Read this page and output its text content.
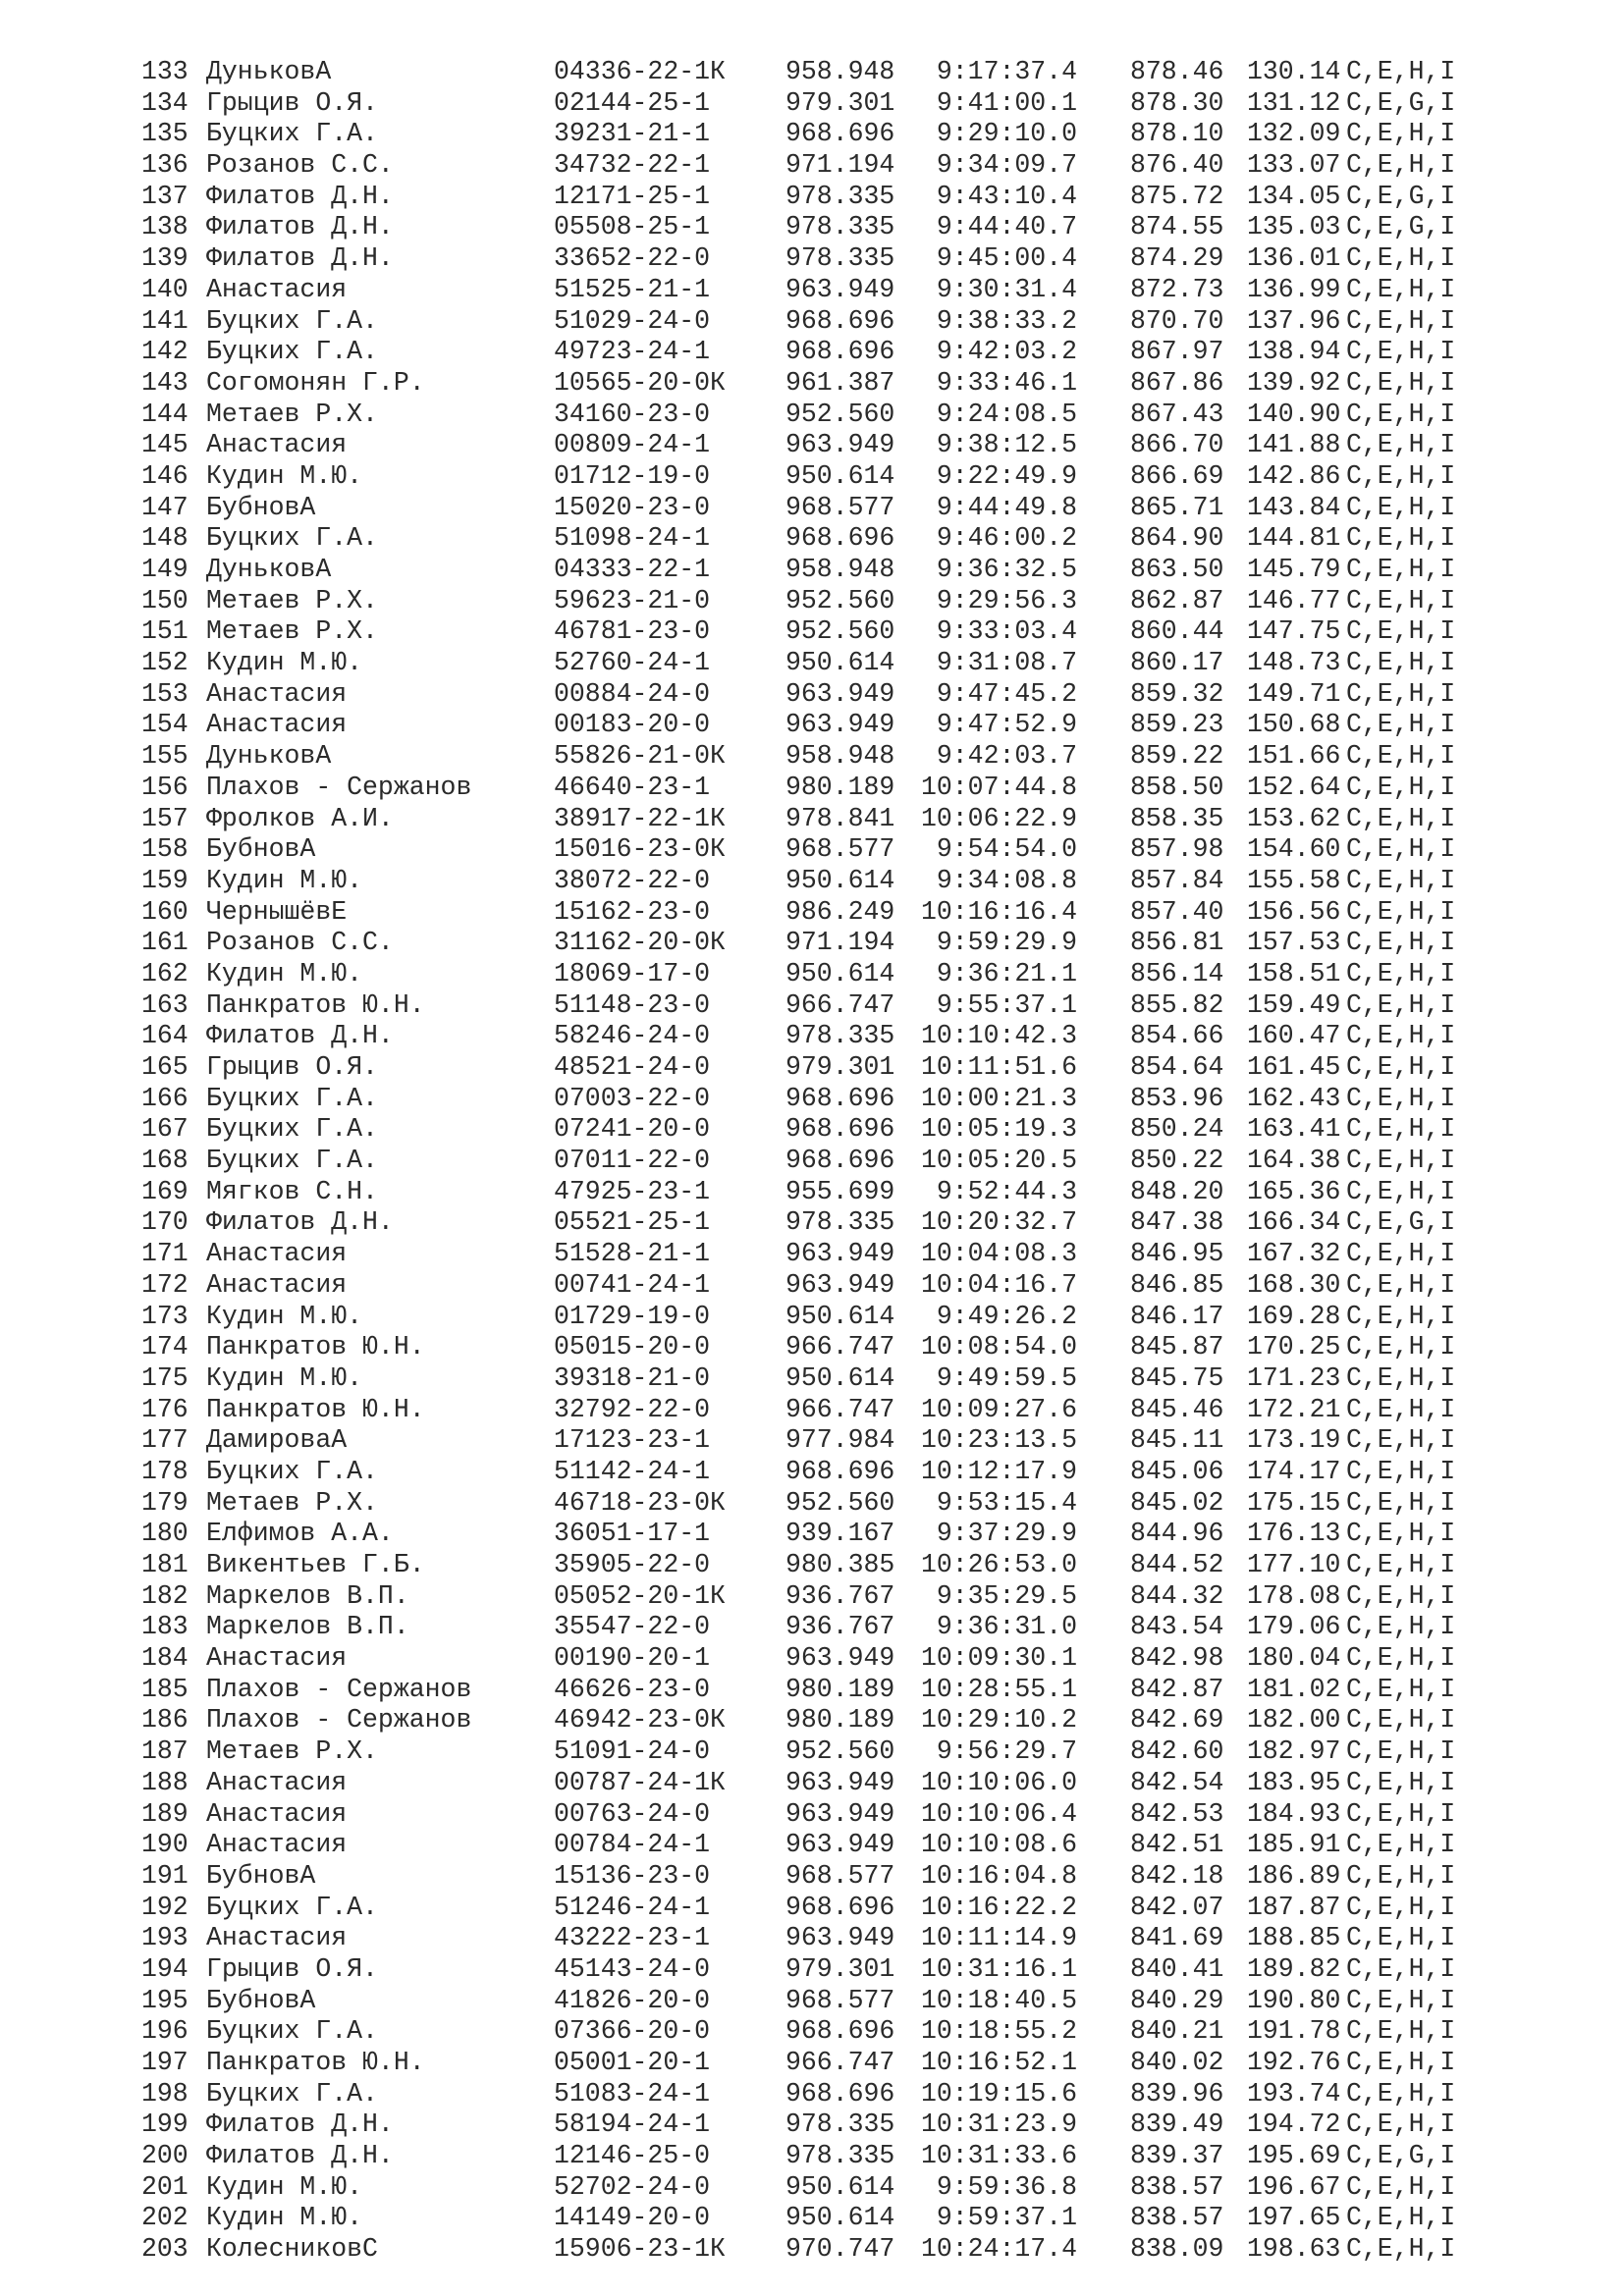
133 ДуньковА	04336-22-1К 958.948	9:17:37.4 878.46 130.14 C,E,H,I
134 Грыцив О.Я.	02144-25-1	979.301	9:41:00.1 878.30 131.12 C,E,G,I
135 Буцких Г.А.	39231-21-1	968.696	9:29:10.0 878.10 132.09 C,E,H,I
136 Розанов С.С.	34732-22-1	971.194	9:34:09.7 876.40 133.07 C,E,H,I
137 Филатов Д.Н.	12171-25-1	978.335	9:43:10.4 875.72 134.05 C,E,G,I
138 Филатов Д.Н.	05508-25-1	978.335	9:44:40.7 874.55 135.03 C,E,G,I
139 Филатов Д.Н.	33652-22-0	978.335	9:45:00.4 874.29 136.01 C,E,H,I
140 Анастасия	51525-21-1	963.949	9:30:31.4 872.73 136.99 C,E,H,I
141 Буцких Г.А.	51029-24-0	968.696	9:38:33.2 870.70 137.96 C,E,H,I
142 Буцких Г.А.	49723-24-1	968.696	9:42:03.2 867.97 138.94 C,E,H,I
143 Согомонян Г.Р.	10565-20-0К 961.387	9:33:46.1 867.86 139.92 C,E,H,I
144 Метаев Р.Х.	34160-23-0	952.560	9:24:08.5 867.43 140.90 C,E,H,I
145 Анастасия	00809-24-1	963.949	9:38:12.5 866.70 141.88 C,E,H,I
146 Кудин М.Ю.	01712-19-0	950.614	9:22:49.9 866.69 142.86 C,E,H,I
147 БубновА	15020-23-0	968.577	9:44:49.8 865.71 143.84 C,E,H,I
148 Буцких Г.А.	51098-24-1	968.696	9:46:00.2 864.90 144.81 C,E,H,I
149 ДуньковА	04333-22-1	958.948	9:36:32.5 863.50 145.79 C,E,H,I
150 Метаев Р.Х.	59623-21-0	952.560	9:29:56.3 862.87 146.77 C,E,H,I
151 Метаев Р.Х.	46781-23-0	952.560	9:33:03.4 860.44 147.75 C,E,H,I
152 Кудин М.Ю.	52760-24-1	950.614	9:31:08.7 860.17 148.73 C,E,H,I
153 Анастасия	00884-24-0	963.949	9:47:45.2 859.32 149.71 C,E,H,I
154 Анастасия	00183-20-0	963.949	9:47:52.9 859.23 150.68 C,E,H,I
155 ДуньковА	55826-21-0К 958.948	9:42:03.7 859.22 151.66 C,E,H,I
156 Плахов - Сержанов	46640-23-1	980.189	10:07:44.8 858.50 152.64 C,E,H,I
157 Фролков А.И.	38917-22-1К 978.841	10:06:22.9 858.35 153.62 C,E,H,I
158 БубновА	15016-23-0К 968.577	9:54:54.0 857.98 154.60 C,E,H,I
159 Кудин М.Ю.	38072-22-0	950.614	9:34:08.8 857.84 155.58 C,E,H,I
160 ЧернышёвЕ	15162-23-0	986.249	10:16:16.4 857.40 156.56 C,E,H,I
161 Розанов С.С.	31162-20-0К 971.194	9:59:29.9 856.81 157.53 C,E,H,I
162 Кудин М.Ю.	18069-17-0	950.614	9:36:21.1 856.14 158.51 C,E,H,I
163 Панкратов Ю.Н.	51148-23-0	966.747	9:55:37.1 855.82 159.49 C,E,H,I
164 Филатов Д.Н.	58246-24-0	978.335	10:10:42.3 854.66 160.47 C,E,H,I
165 Грыцив О.Я.	48521-24-0	979.301	10:11:51.6 854.64 161.45 C,E,H,I
166 Буцких Г.А.	07003-22-0	968.696	10:00:21.3 853.96 162.43 C,E,H,I
167 Буцких Г.А.	07241-20-0	968.696	10:05:19.3 850.24 163.41 C,E,H,I
168 Буцких Г.А.	07011-22-0	968.696	10:05:20.5 850.22 164.38 C,E,H,I
169 Мягков С.Н.	47925-23-1	955.699	9:52:44.3 848.20 165.36 C,E,H,I
170 Филатов Д.Н.	05521-25-1	978.335	10:20:32.7 847.38 166.34 C,E,G,I
171 Анастасия	51528-21-1	963.949	10:04:08.3 846.95 167.32 C,E,H,I
172 Анастасия	00741-24-1	963.949	10:04:16.7 846.85 168.30 C,E,H,I
173 Кудин М.Ю.	01729-19-0	950.614	9:49:26.2 846.17 169.28 C,E,H,I
174 Панкратов Ю.Н.	05015-20-0	966.747	10:08:54.0 845.87 170.25 C,E,H,I
175 Кудин М.Ю.	39318-21-0	950.614	9:49:59.5 845.75 171.23 C,E,H,I
176 Панкратов Ю.Н.	32792-22-0	966.747	10:09:27.6 845.46 172.21 C,E,H,I
177 ДамироваА	17123-23-1	977.984	10:23:13.5 845.11 173.19 C,E,H,I
178 Буцких Г.А.	51142-24-1	968.696	10:12:17.9 845.06 174.17 C,E,H,I
179 Метаев Р.Х.	46718-23-0К 952.560	9:53:15.4 845.02 175.15 C,E,H,I
180 Елфимов А.А.	36051-17-1	939.167	9:37:29.9 844.96 176.13 C,E,H,I
181 Викентьев Г.Б.	35905-22-0	980.385	10:26:53.0 844.52 177.10 C,E,H,I
182 Маркелов В.П.	05052-20-1К 936.767	9:35:29.5 844.32 178.08 C,E,H,I
183 Маркелов В.П.	35547-22-0	936.767	9:36:31.0 843.54 179.06 C,E,H,I
184 Анастасия	00190-20-1	963.949	10:09:30.1 842.98 180.04 C,E,H,I
185 Плахов - Сержанов	46626-23-0	980.189	10:28:55.1 842.87 181.02 C,E,H,I
186 Плахов - Сержанов	46942-23-0К 980.189	10:29:10.2 842.69 182.00 C,E,H,I
187 Метаев Р.Х.	51091-24-0	952.560	9:56:29.7 842.60 182.97 C,E,H,I
188 Анастасия	00787-24-1К 963.949	10:10:06.0 842.54 183.95 C,E,H,I
189 Анастасия	00763-24-0	963.949	10:10:06.4 842.53 184.93 C,E,H,I
190 Анастасия	00784-24-1	963.949	10:10:08.6 842.51 185.91 C,E,H,I
191 БубновА	15136-23-0	968.577	10:16:04.8 842.18 186.89 C,E,H,I
192 Буцких Г.А.	51246-24-1	968.696	10:16:22.2 842.07 187.87 C,E,H,I
193 Анастасия	43222-23-1	963.949	10:11:14.9 841.69 188.85 C,E,H,I
194 Грыцив О.Я.	45143-24-0	979.301	10:31:16.1 840.41 189.82 C,E,H,I
195 БубновА	41826-20-0	968.577	10:18:40.5 840.29 190.80 C,E,H,I
196 Буцких Г.А.	07366-20-0	968.696	10:18:55.2 840.21 191.78 C,E,H,I
197 Панкратов Ю.Н.	05001-20-1	966.747	10:16:52.1 840.02 192.76 C,E,H,I
198 Буцких Г.А.	51083-24-1	968.696	10:19:15.6 839.96 193.74 C,E,H,I
199 Филатов Д.Н.	58194-24-1	978.335	10:31:23.9 839.49 194.72 C,E,H,I
200 Филатов Д.Н.	12146-25-0	978.335	10:31:33.6 839.37 195.69 C,E,G,I
201 Кудин М.Ю.	52702-24-0	950.614	9:59:36.8 838.57 196.67 C,E,H,I
202 Кудин М.Ю.	14149-20-0	950.614	9:59:37.1 838.57 197.65 C,E,H,I
203 КолесниковС	15906-23-1К 970.747	10:24:17.4 838.09 198.63 C,E,H,I
